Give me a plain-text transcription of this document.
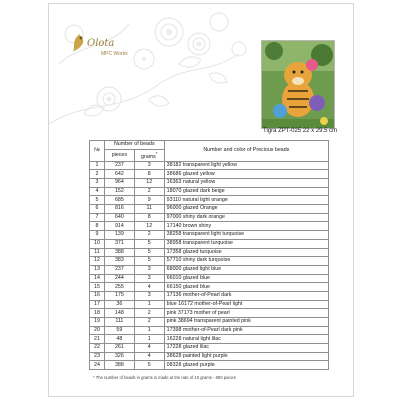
Olota
MPC Works
Tigra ZPT-025 22 x 29.5 cm
№	Number of beads		Number and color of Precious beads
	pieces	grams*
1	237	3	38182 transparent light yellow
2	642	8	38686 glazed yellow
3	964	12	16363 natural yellow
4	152	2	18070 glazed dark beige
5	685	9	93110 natural light orange
6	816	11	96000 glazed Orange
7	640	8	97000 shiny dark orange
8	914	12	17140 brown shiny
9	139	2	38258 transparent light turquoise
10	371	5	38958 transparent turquoise
11	388	5	17358 glazed turquoise
12	383	5	57710 shiny dark turquoise
13	237	3	68000 glazed light blue
14	244	3	66010 glazed blue
15	255	4	66150 glazed blue
16	175	3	17136 mother-of-Pearl dark
17	36	1	blue 16172 mother-of-Pearl light
18	148	2	pink 37173 mother of pearl
19	111	2	pink 38694 transparent painted pink
20	59	1	17398 mother-of-Pearl dark pink
21	48	1	16228 natural light lilac
22	261	4	17228 glazed lilac
23	326	4	38628 painted light purple
24	388	5	08328 glazed purple
* The number of beads in grams is made at the rate of 10 grams - 800 pieces
